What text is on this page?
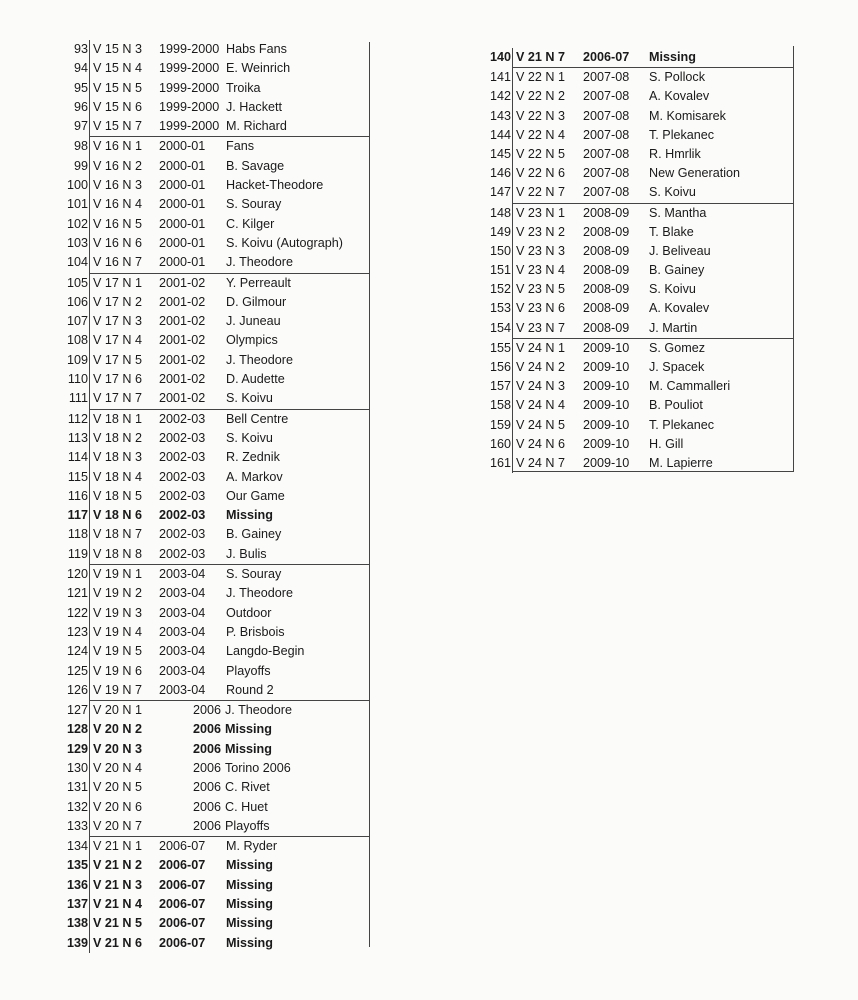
93 V 15 N 3 1999-2000 Habs Fans
94 V 15 N 4 1999-2000 E. Weinrich
95 V 15 N 5 1999-2000 Troika
96 V 15 N 6 1999-2000 J. Hackett
97 V 15 N 7 1999-2000 M. Richard
98 V 16 N 1 2000-01 Fans
99 V 16 N 2 2000-01 B. Savage
100 V 16 N 3 2000-01 Hacket-Theodore
101 V 16 N 4 2000-01 S. Souray
102 V 16 N 5 2000-01 C. Kilger
103 V 16 N 6 2000-01 S. Koivu (Autograph)
104 V 16 N 7 2000-01 J. Theodore
105 V 17 N 1 2001-02 Y. Perreault
106 V 17 N 2 2001-02 D. Gilmour
107 V 17 N 3 2001-02 J. Juneau
108 V 17 N 4 2001-02 Olympics
109 V 17 N 5 2001-02 J. Theodore
110 V 17 N 6 2001-02 D. Audette
111 V 17 N 7 2001-02 S. Koivu
112 V 18 N 1 2002-03 Bell Centre
113 V 18 N 2 2002-03 S. Koivu
114 V 18 N 3 2002-03 R. Zednik
115 V 18 N 4 2002-03 A. Markov
116 V 18 N 5 2002-03 Our Game
117 V 18 N 6 2002-03 Missing
118 V 18 N 7 2002-03 B. Gainey
119 V 18 N 8 2002-03 J. Bulis
120 V 19 N 1 2003-04 S. Souray
121 V 19 N 2 2003-04 J. Theodore
122 V 19 N 3 2003-04 Outdoor
123 V 19 N 4 2003-04 P. Brisbois
124 V 19 N 5 2003-04 Langdo-Begin
125 V 19 N 6 2003-04 Playoffs
126 V 19 N 7 2003-04 Round 2
127 V 20 N 1	2006 J. Theodore
128 V 20 N 2	2006 Missing
129 V 20 N 3	2006 Missing
130 V 20 N 4	2006 Torino 2006
131 V 20 N 5	2006 C. Rivet
132 V 20 N 6	2006 C. Huet
133 V 20 N 7	2006 Playoffs
134 V 21 N 1 2006-07 M. Ryder
135 V 21 N 2 2006-07 Missing
136 V 21 N 3 2006-07 Missing
137 V 21 N 4 2006-07 Missing
138 V 21 N 5 2006-07 Missing
139 V 21 N 6 2006-07 Missing
140 V 21 N 7 2006-07 Missing
141 V 22 N 1 2007-08 S. Pollock
142 V 22 N 2 2007-08 A. Kovalev
143 V 22 N 3 2007-08 M. Komisarek
144 V 22 N 4 2007-08 T. Plekanec
145 V 22 N 5 2007-08 R. Hmrlik
146 V 22 N 6 2007-08 New Generation
147 V 22 N 7 2007-08 S. Koivu
148 V 23 N 1 2008-09 S. Mantha
149 V 23 N 2 2008-09 T. Blake
150 V 23 N 3 2008-09 J. Beliveau
151 V 23 N 4 2008-09 B. Gainey
152 V 23 N 5 2008-09 S. Koivu
153 V 23 N 6 2008-09 A. Kovalev
154 V 23 N 7 2008-09 J. Martin
155 V 24 N 1 2009-10 S. Gomez
156 V 24 N 2 2009-10 J. Spacek
157 V 24 N 3 2009-10 M. Cammalleri
158 V 24 N 4 2009-10 B. Pouliot
159 V 24 N 5 2009-10 T. Plekanec
160 V 24 N 6 2009-10 H. Gill
161 V 24 N 7 2009-10 M. Lapierre
